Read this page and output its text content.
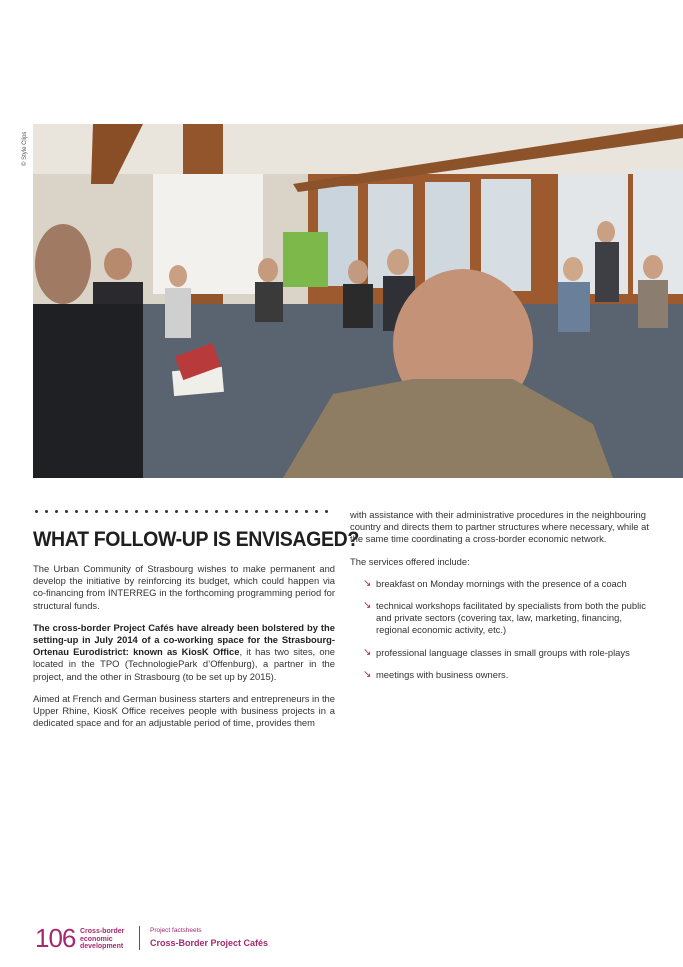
© Style Clips
WHAT FOLLOW-UP IS ENVISAGED?

The Urban Community of Strasbourg wishes to make permanent and develop the initiative by reinforcing its budget, which could happen via co-financing from INTERREG in the forthcoming programming period for structural funds.

The cross-border Project Cafés have already been bolstered by the setting-up in July 2014 of a co-working space for the Strasbourg-Ortenau Eurodistrict: known as KiosK Office, it has two sites, one located in the TPO (TechnologiePark d’Offenburg), a partner in the project, and the other in Strasbourg (to be set up by 2015).

Aimed at French and German business starters and entrepreneurs in the Upper Rhine, KiosK Office receives people with business projects in a dedicated space and for an adjustable period of time, provides them

with assistance with their administrative procedures in the neighbouring country and directs them to partner structures where necessary, while at the same time coordinating a cross-border economic network.

The services offered include:

↘ breakfast on Monday mornings with the presence of a coach
↘ technical workshops facilitated by specialists from both the public and private sectors (covering tax, law, marketing, financing, regional economic activity, etc.)
↘ professional language classes in small groups with role-plays
↘ meetings with business owners.
106 Cross-border economic development
Project factsheets
Cross-Border Project Cafés
